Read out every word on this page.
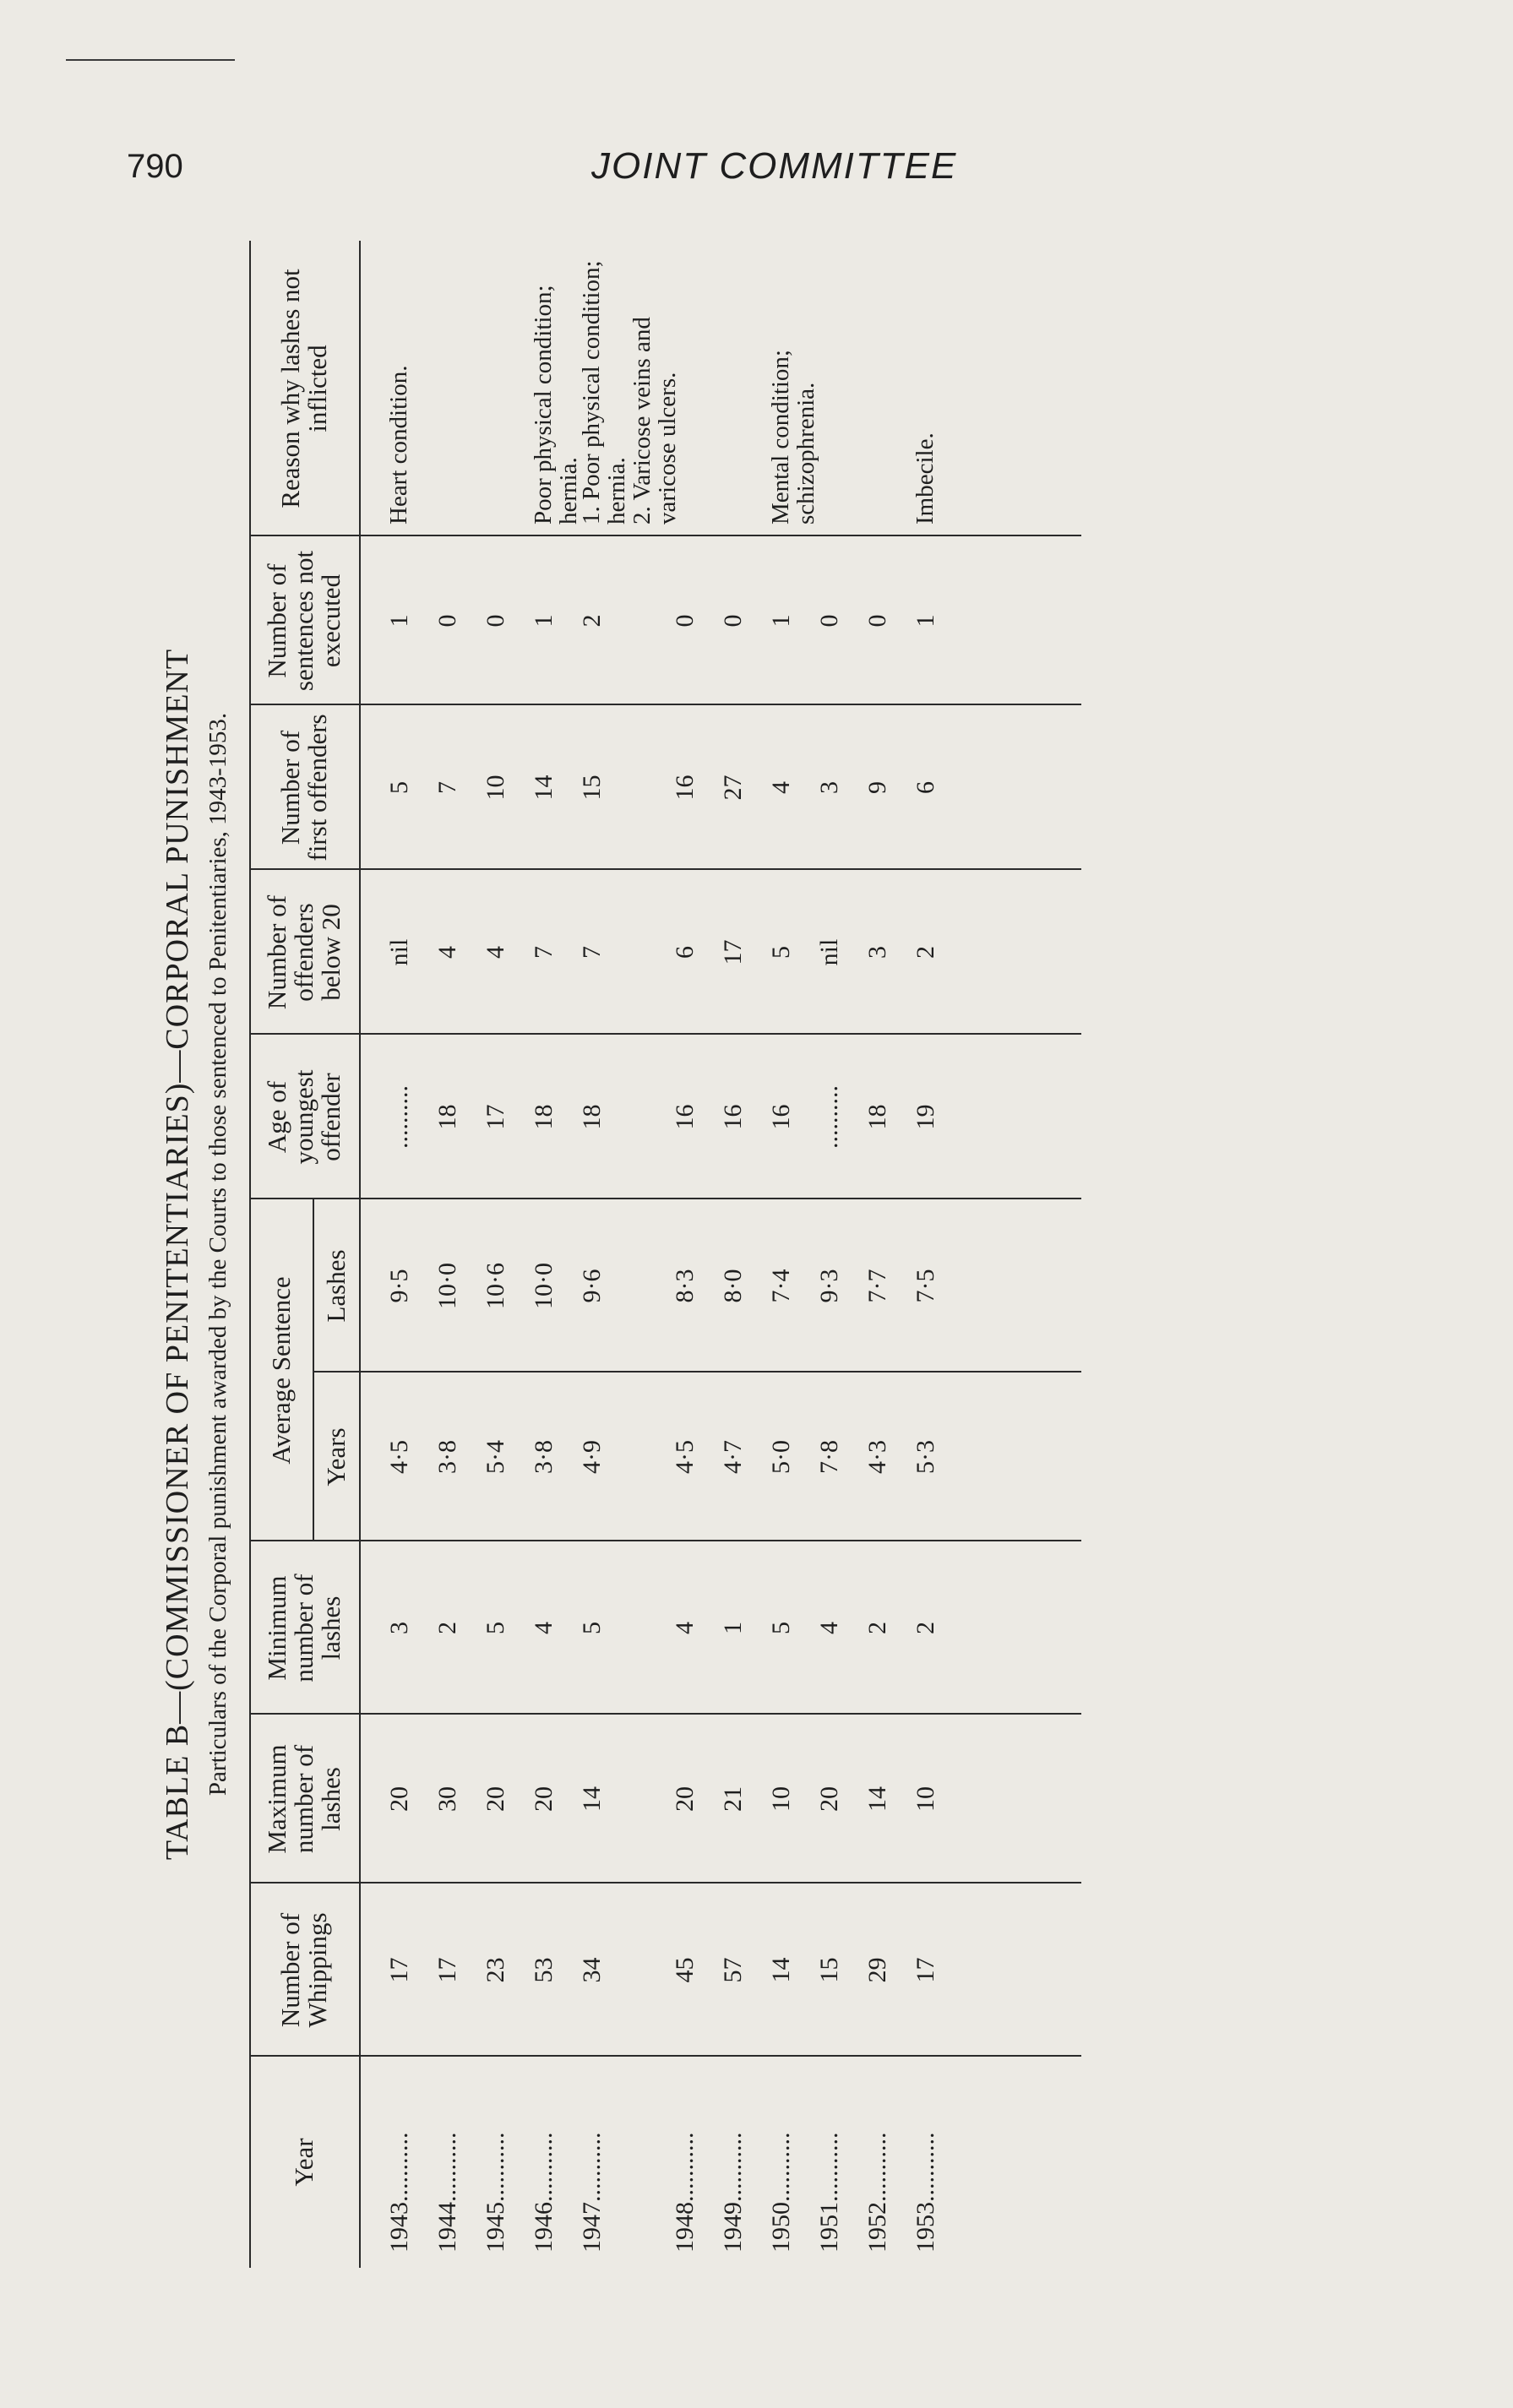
790	JOINT COMMITTEE
TABLE B—(COMMISSIONER OF PENITENTIARIES)—CORPORAL PUNISHMENT Particulars of the Corporal punishment awarded by the Courts to those sentenced to Penitentiaries, 1943-1953.
Year
Number of Whippings
Maximum number of lashes
Minimum number of lashes
Average Sentence Years
Lashes
Age of youngest offender
Number of offenders below 20
Number of first offenders
Number of sentences not executed
Reason why lashes not inflicted
1943...........
17
20
3
4·5
9·5
..........
nil
5
1
Heart condition.
1944...........
17
30
2
3·8
10·0
18
4
7
0
1945...........
23
20
5
5·4
10·6
17
4
10
0
1946...........
53
20
4
3·8
10·0
18
7
14
1
Poor physical condition; hernia.
1947...........
34
14
5
4·9
9·6
18
7
15
2
1. Poor physical condition; hernia.
2. Varicose veins and varicose ulcers.
1948...........
45
20
4
4·5
8·3
16
6
16
0
1949...........
57
21
1
4·7
8·0
16
17
27
0
1950...........
14
10
5
5·0
7·4
16
5
4
1
Mental condition; schizophrenia.
1951...........
15
20
4
7·8
9·3
..........
nil
3
0
1952...........
29
14
2
4·3
7·7
18
3
9
0
1953...........
17
10
2
5·3
7·5
19
2
6
1
Imbecile.
